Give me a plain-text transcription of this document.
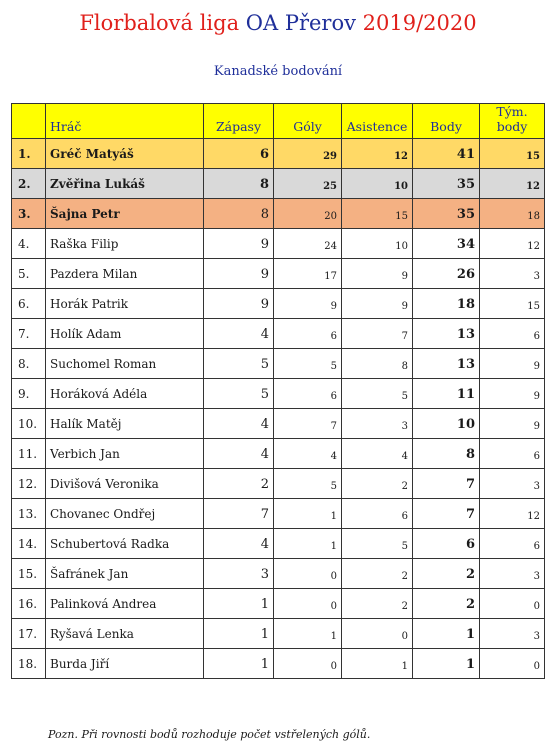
Florbalová liga OA Přerov 2019/2020
Kanadské bodování
	Hráč	Zápasy	Góly	Asistence	Body	Tým. body
1.	Gréč Matyáš	6	29	12	41	15
2.	Zvěřina Lukáš	8	25	10	35	12
3.	Šajna Petr	8	20	15	35	18
4.	Raška Filip	9	24	10	34	12
5.	Pazdera Milan	9	17	9	26	3
6.	Horák Patrik	9	9	9	18	15
7.	Holík Adam	4	6	7	13	6
8.	Suchomel Roman	5	5	8	13	9
9.	Horáková Adéla	5	6	5	11	9
10.	Halík Matěj	4	7	3	10	9
11.	Verbich Jan	4	4	4	8	6
12.	Divišová Veronika	2	5	2	7	3
13.	Chovanec Ondřej	7	1	6	7	12
14.	Schubertová Radka	4	1	5	6	6
15.	Šafránek Jan	3	0	2	2	3
16.	Palinková Andrea	1	0	2	2	0
17.	Ryšavá Lenka	1	1	0	1	3
18.	Burda Jiří	1	0	1	1	0
Pozn. Při rovnosti bodů rozhoduje počet vstřelených gólů.
